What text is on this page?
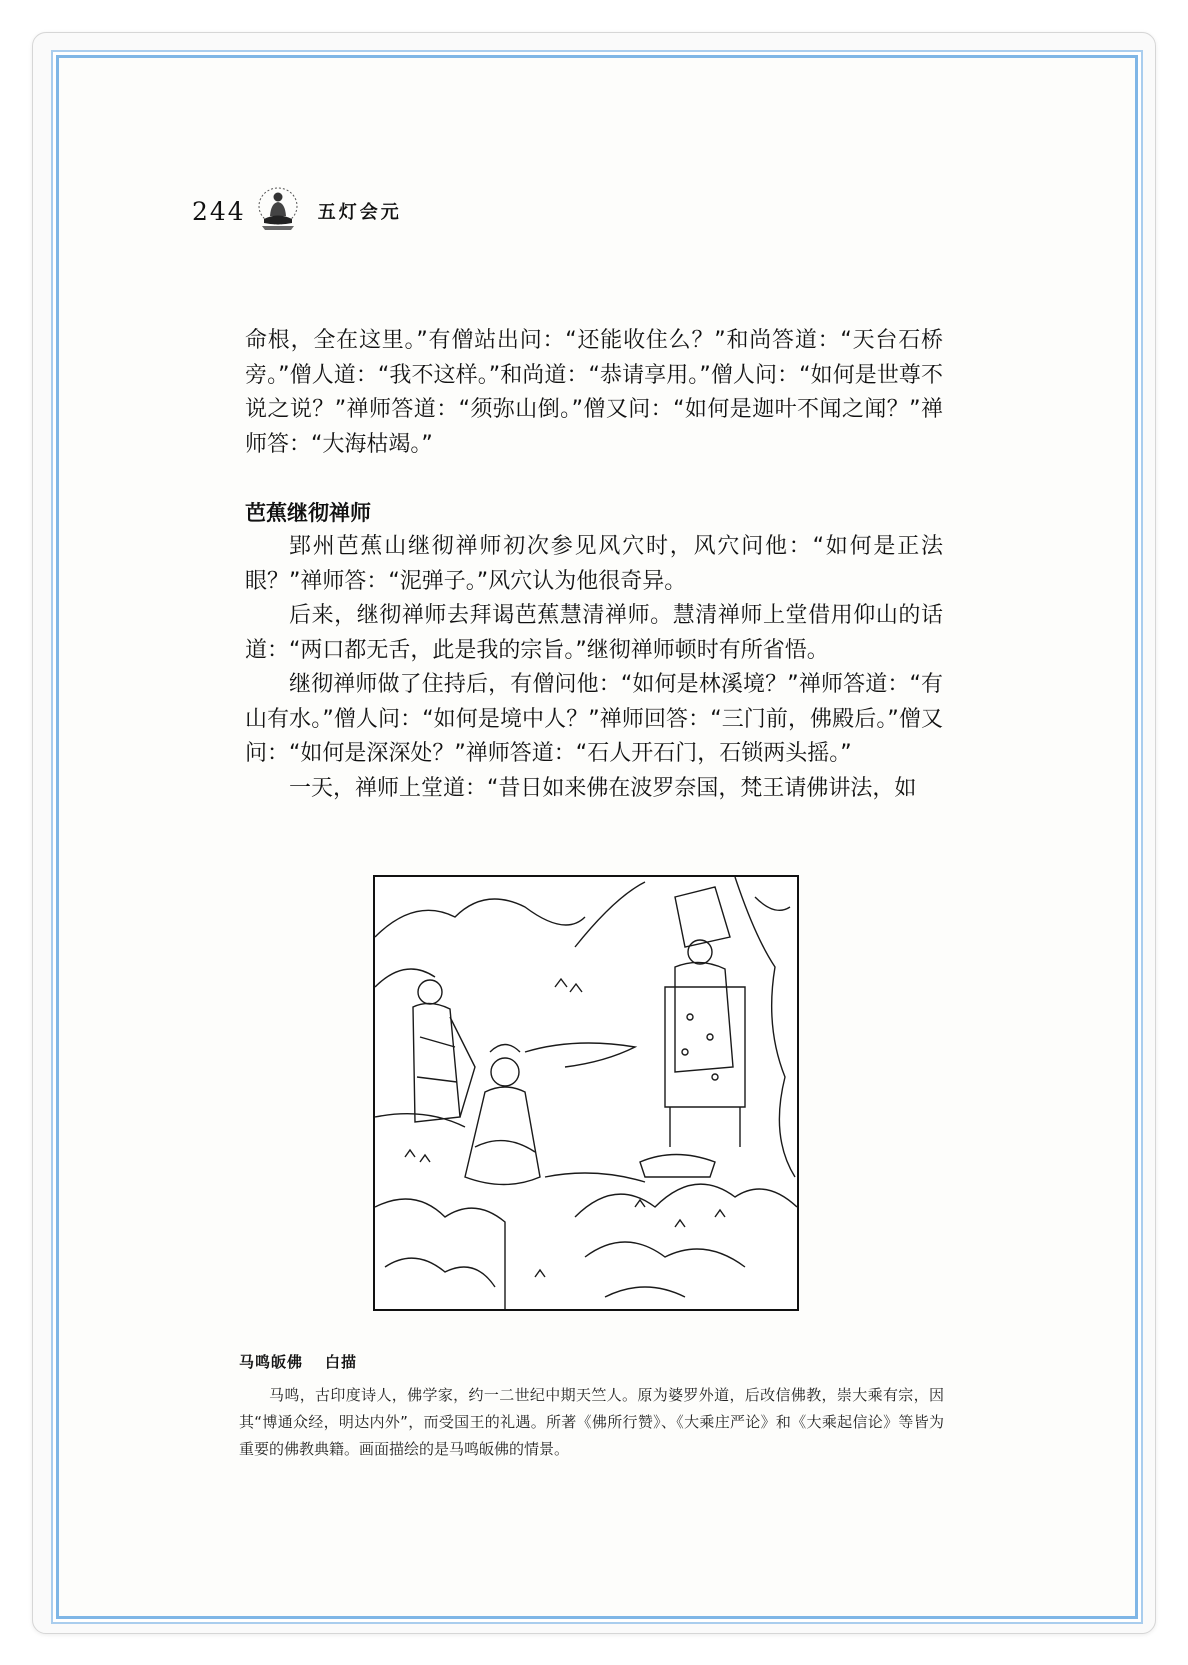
244	五灯会元

命根，全在这里。”有僧站出问：“还能收住么？”和尚答道：“天台石桥旁。”僧人道：“我不这样。”和尚道：“恭请享用。”僧人问：“如何是世尊不说之说？”禅师答道：“须弥山倒。”僧又问：“如何是迦叶不闻之闻？”禅师答：“大海枯竭。”

芭蕉继彻禅师

郢州芭蕉山继彻禅师初次参见风穴时，风穴问他：“如何是正法眼？”禅师答：“泥弹子。”风穴认为他很奇异。

后来，继彻禅师去拜谒芭蕉慧清禅师。慧清禅师上堂借用仰山的话道：“两口都无舌，此是我的宗旨。”继彻禅师顿时有所省悟。

继彻禅师做了住持后，有僧问他：“如何是林溪境？”禅师答道：“有山有水。”僧人问：“如何是境中人？”禅师回答：“三门前，佛殿后。”僧又问：“如何是深深处？”禅师答道：“石人开石门，石锁两头摇。”

一天，禅师上堂道：“昔日如来佛在波罗奈国，梵王请佛讲法，如

马鸣皈佛 白描

马鸣，古印度诗人，佛学家，约一二世纪中期天竺人。原为婆罗外道，后改信佛教，崇大乘有宗，因其“博通众经，明达内外”，而受国王的礼遇。所著《佛所行赞》、《大乘庄严论》和《大乘起信论》等皆为重要的佛教典籍。画面描绘的是马鸣皈佛的情景。
